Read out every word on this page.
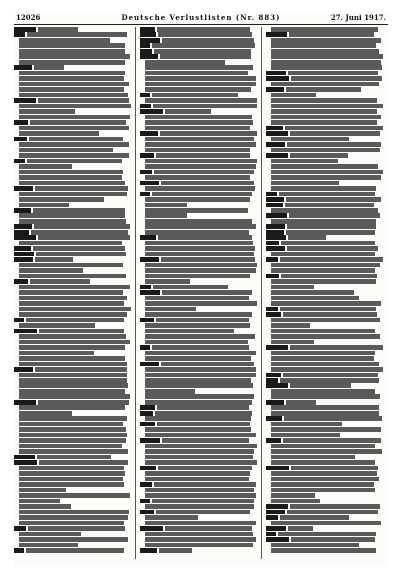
12026	Deutsche Verlustlisten (Nr. 883)	27. Juni 1917.
